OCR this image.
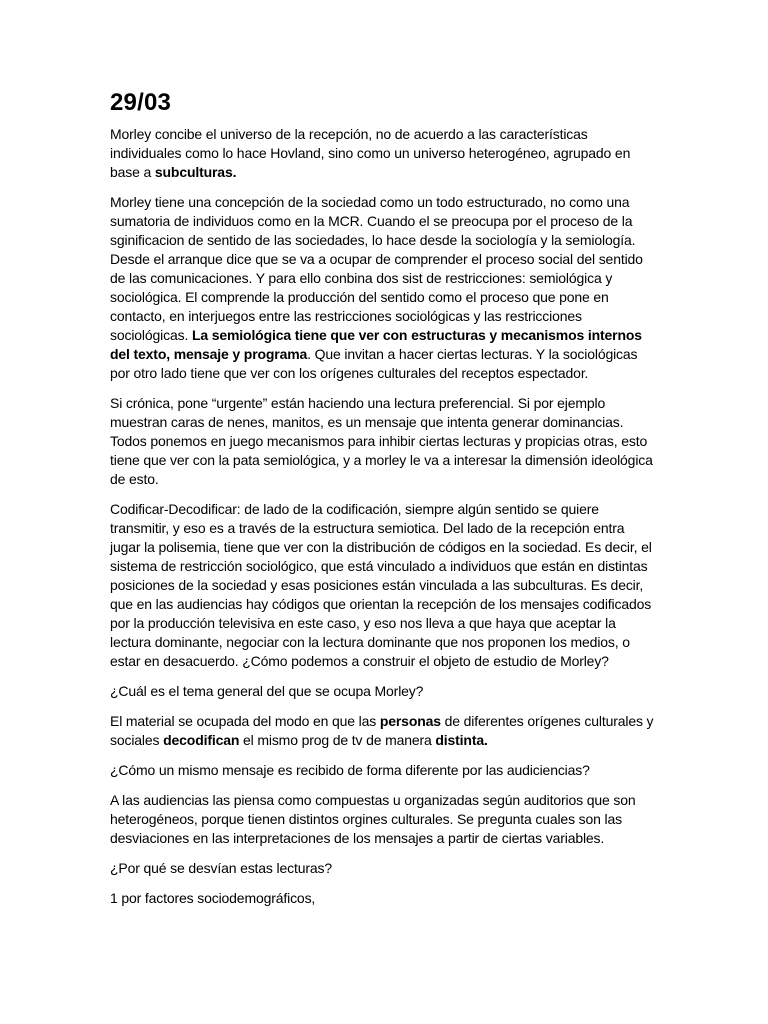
29/03

Morley concibe el universo de la recepción, no de acuerdo a las características individuales como lo hace Hovland, sino como un universo heterogéneo, agrupado en base a subculturas.

Morley tiene una concepción de la sociedad como un todo estructurado, no como una sumatoria de individuos como en la MCR. Cuando el se preocupa por el proceso de la sginificacion de sentido de las sociedades, lo hace desde la sociología y la semiología. Desde el arranque dice que se va a ocupar de comprender el proceso social del sentido de las comunicaciones. Y para ello conbina dos sist de restricciones: semiológica y sociológica. El comprende la producción del sentido como el proceso que pone en contacto, en interjuegos entre las restricciones sociológicas y las restricciones sociológicas. La semiológica tiene que ver con estructuras y mecanismos internos del texto, mensaje y programa. Que invitan a hacer ciertas lecturas. Y la sociológicas por otro lado tiene que ver con los orígenes culturales del receptos espectador.

Si crónica, pone “urgente” están haciendo una lectura preferencial. Si por ejemplo muestran caras de nenes, manitos, es un mensaje que intenta generar dominancias. Todos ponemos en juego mecanismos para inhibir ciertas lecturas y propicias otras, esto tiene que ver con la pata semiológica, y a morley le va a interesar la dimensión ideológica de esto.

Codificar-Decodificar: de lado de la codificación, siempre algún sentido se quiere transmitir, y eso es a través de la estructura semiotica. Del lado de la recepción entra jugar la polisemia, tiene que ver con la distribución de códigos en la sociedad. Es decir, el sistema de restricción sociológico, que está vinculado a individuos que están en distintas posiciones de la sociedad y esas posiciones están vinculada a las subculturas. Es decir, que en las audiencias hay códigos que orientan la recepción de los mensajes codificados por la producción televisiva en este caso, y eso nos lleva a que haya que aceptar la lectura dominante, negociar con la lectura dominante que nos proponen los medios, o estar en desacuerdo. ¿Cómo podemos a construir el objeto de estudio de Morley?

¿Cuál es el tema general del que se ocupa Morley?

El material se ocupada del modo en que las personas de diferentes orígenes culturales y sociales decodifican el mismo prog de tv de manera distinta.

¿Cómo un mismo mensaje es recibido de forma diferente por las audiciencias?

A las audiencias las piensa como compuestas u organizadas según auditorios que son heterogéneos, porque tienen distintos orgines culturales. Se pregunta cuales son las desviaciones en las interpretaciones de los mensajes a partir de ciertas variables.

¿Por qué se desvían estas lecturas?

1 por factores sociodemográficos,
